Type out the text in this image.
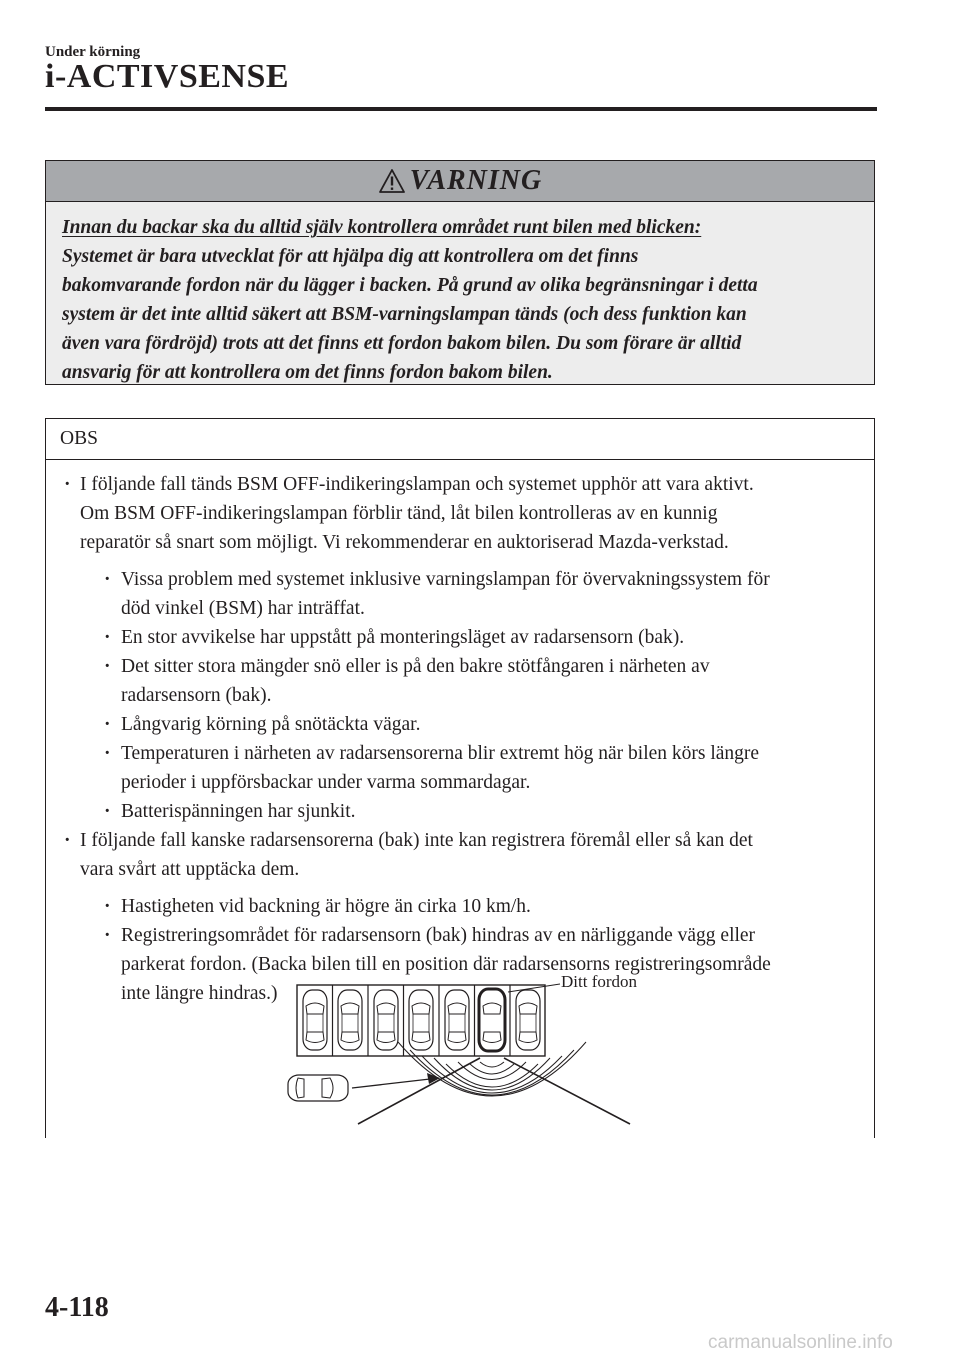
Under körning
i-ACTIVSENSE
VARNING
Innan du backar ska du alltid själv kontrollera området runt bilen med blicken:
Systemet är bara utvecklat för att hjälpa dig att kontrollera om det finns
bakomvarande fordon när du lägger i backen. På grund av olika begränsningar i detta
system är det inte alltid säkert att BSM-varningslampan tänds (och dess funktion kan
även vara fördröjd) trots att det finns ett fordon bakom bilen. Du som förare är alltid
ansvarig för att kontrollera om det finns fordon bakom bilen.
OBS
· I följande fall tänds BSM OFF-indikeringslampan och systemet upphör att vara aktivt.
Om BSM OFF-indikeringslampan förblir tänd, låt bilen kontrolleras av en kunnig
reparatör så snart som möjligt. Vi rekommenderar en auktoriserad Mazda-verkstad.
· Vissa problem med systemet inklusive varningslampan för övervakningssystem för
död vinkel (BSM) har inträffat.
· En stor avvikelse har uppstått på monteringsläget av radarsensorn (bak).
· Det sitter stora mängder snö eller is på den bakre stötfångaren i närheten av
radarsensorn (bak).
· Långvarig körning på snötäckta vägar.
· Temperaturen i närheten av radarsensorerna blir extremt hög när bilen körs längre
perioder i uppförsbackar under varma sommardagar.
· Batterispänningen har sjunkit.
· I följande fall kanske radarsensorerna (bak) inte kan registrera föremål eller så kan det
vara svårt att upptäcka dem.
· Hastigheten vid backning är högre än cirka 10 km/h.
· Registreringsområdet för radarsensorn (bak) hindras av en närliggande vägg eller
parkerat fordon. (Backa bilen till en position där radarsensorns registreringsområde
inte längre hindras.)
Ditt fordon
4-118
carmanualsonline.info
